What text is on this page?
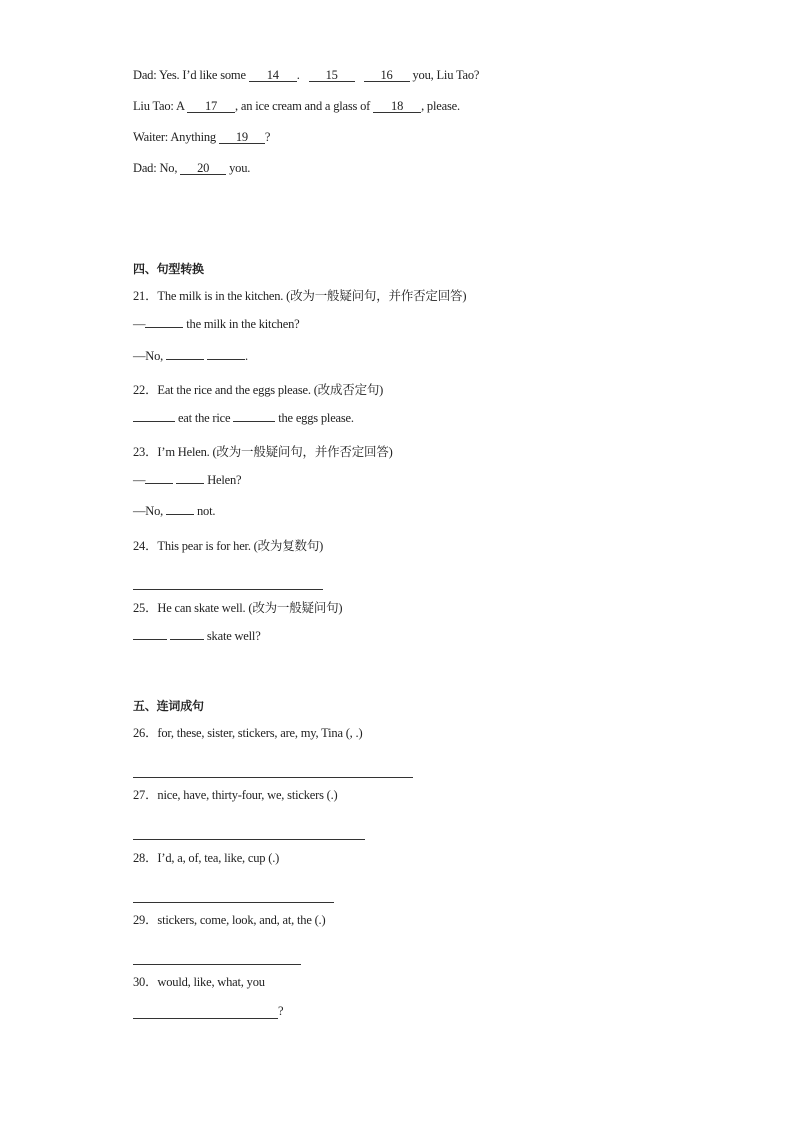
Dad: Yes. I’d like some 14 . 15	16 you, Liu Tao?
Liu Tao: A 17 , an ice cream and a glass of 18 , please.
Waiter: Anything 19 ?
Dad: No, 20 you.
四、句型转换
21．The milk is in the kitchen. (改为一般疑问句，并作否定回答)
—	the milk in the kitchen?
—No,	.
22．Eat the rice and the eggs please. (改成否定句)
eat the rice	the eggs please.
23．I’m Helen. (改为一般疑问句，并作否定回答)
—	Helen?
—No,	not.
24．This pear is for her. (改为复数句)
25．He can skate well. (改为一般疑问句)
skate well?
五、连词成句
26．for, these, sister, stickers, are, my, Tina (, .)
27．nice, have, thirty-four, we, stickers (.)
28．I’d, a, of, tea, like, cup (.)
29．stickers, come, look, and, at, the (.)
30．would, like, what, you
?
